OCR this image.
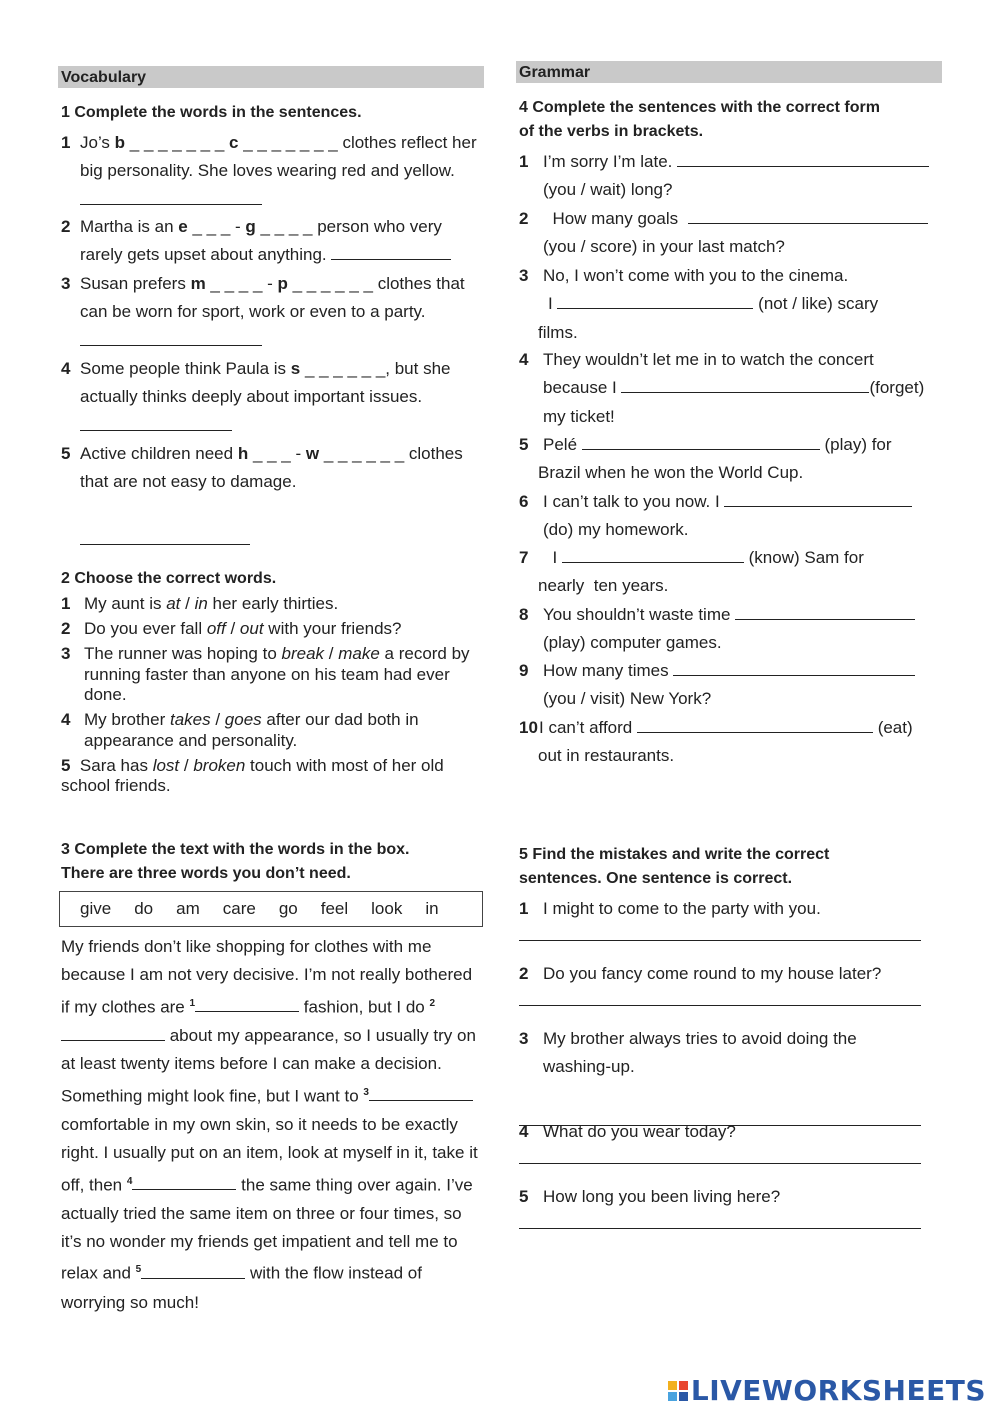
Vocabulary
1 Complete the words in the sentences.
1 Jo’s b _ _ _ _ _ _ _ c _ _ _ _ _ _ _ clothes reflect her big personality. She loves wearing red and yellow.
2 Martha is an e _ _ _ - g _ _ _ _ person who very rarely gets upset about anything.
3 Susan prefers m _ _ _ _ - p _ _ _ _ _ _ clothes that can be worn for sport, work or even to a party.
4 Some people think Paula is s _ _ _ _ _ _, but she actually thinks deeply about important issues.

5 Active children need h _ _ _ - w _ _ _ _ _ _ clothes that are not easy to damage.
2 Choose the correct words.
1 My aunt is at / in her early thirties.
2 Do you ever fall off / out with your friends?
3 The runner was hoping to break / make a record by running faster than anyone on his team had ever done.
4 My brother takes / goes after our dad both in appearance and personality.
5 Sara has lost / broken touch with most of her old school friends.
3 Complete the text with the words in the box.
There are three words you don’t need.
give do am care go feel look in
My friends don’t like shopping for clothes with me because I am not very decisive. I’m not really bothered if my clothes are $^1$	fashion, but I do $^2$ about my appearance, so I usually try on at least twenty items before I can make a decision. Something might look fine, but I want to $^3$ comfortable in my own skin, so it needs to be exactly right. I usually put on an item, look at myself in it, take it off, then $^4$	the same thing over again. I’ve actually tried the same item on three or four times, so it’s no wonder my friends get impatient and tell me to relax and $^5$	with the flow instead of worrying so much!
Grammar
4 Complete the sentences with the correct form
of the verbs in brackets.
1 I’m sorry I’m late.
(you / wait) long?
2  How many goals
(you / score) in your last match?
3 No, I won’t come with you to the cinema.
I	(not / like) scary
films.
4 They wouldn’t let me in to watch the concert
because I	(forget)
my ticket!
5 Pelé	(play) for
Brazil when he won the World Cup.
6 I can’t talk to you now. I
(do) my homework.
7  I	(know) Sam for
nearly  ten years.
8 You shouldn’t waste time
(play) computer games.
9 How many times
(you / visit) New York?
10I can’t afford	(eat)
out in restaurants.
5 Find the mistakes and write the correct
sentences. One sentence is correct.
1 I might to come to the party with you.
2 Do you fancy come round to my house later?
3 My brother always tries to avoid doing the
washing-up.
4 What do you wear today?
5 How long you been living here?
LIVEWORKSHEETS
